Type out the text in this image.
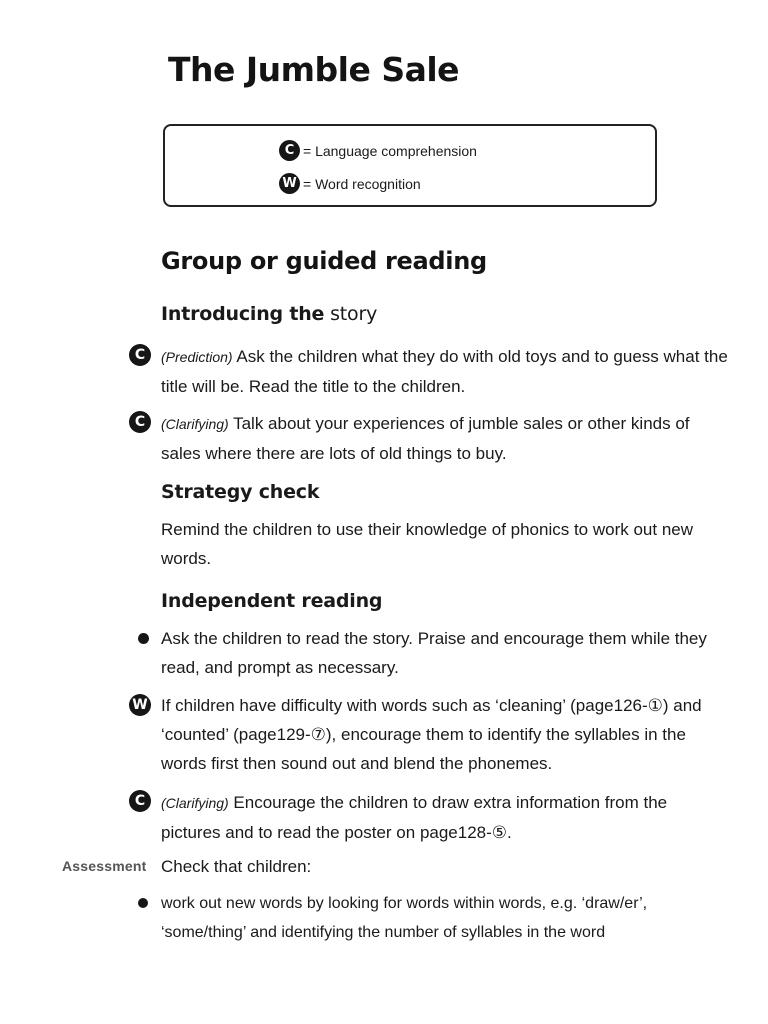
The Jumble Sale
C = Language comprehension
W = Word recognition
Group or guided reading
Introducing the story
C	(Prediction) Ask the children what they do with old toys and to guess what the title will be. Read the title to the children.

C	(Clarifying) Talk about your experiences of jumble sales or other kinds of sales where there are lots of old things to buy.

Strategy check

Remind the children to use their knowledge of phonics to work out new words.

Independent reading

Ask the children to read the story. Praise and encourage them while they read, and prompt as necessary.

W If children have difficulty with words such as ‘cleaning’ (page126-①) and ‘counted’ (page129-⑦), encourage them to identify the syllables in the words first then sound out and blend the phonemes.

C	(Clarifying) Encourage the children to draw extra information from the pictures and to read the poster on page128-⑤.

Assessment Check that children:

work out new words by looking for words within words, e.g. ‘draw/er’, ‘some/thing’ and identifying the number of syllables in the word
